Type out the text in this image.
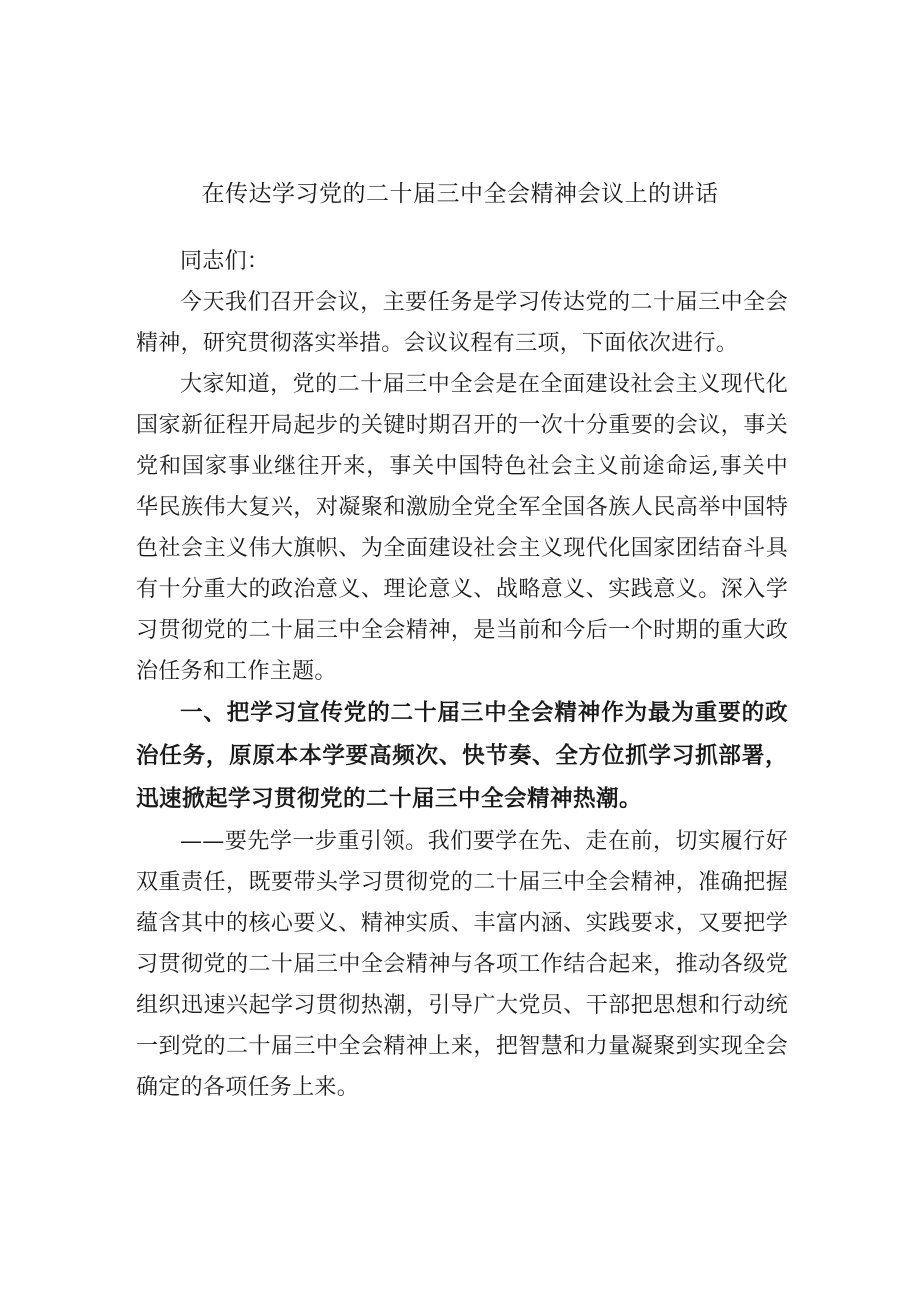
在传达学习党的二十届三中全会精神会议上的讲话

同志们：

今天我们召开会议，主要任务是学习传达党的二十届三中全会精神，研究贯彻落实举措。会议议程有三项，下面依次进行。

大家知道，党的二十届三中全会是在全面建设社会主义现代化国家新征程开局起步的关键时期召开的一次十分重要的会议，事关党和国家事业继往开来，事关中国特色社会主义前途命运,事关中华民族伟大复兴，对凝聚和激励全党全军全国各族人民高举中国特色社会主义伟大旗帜、为全面建设社会主义现代化国家团结奋斗具有十分重大的政治意义、理论意义、战略意义、实践意义。深入学习贯彻党的二十届三中全会精神，是当前和今后一个时期的重大政治任务和工作主题。

一、把学习宣传党的二十届三中全会精神作为最为重要的政治任务，原原本本学要高频次、快节奏、全方位抓学习抓部署，迅速掀起学习贯彻党的二十届三中全会精神热潮。

——要先学一步重引领。我们要学在先、走在前，切实履行好双重责任，既要带头学习贯彻党的二十届三中全会精神，准确把握蕴含其中的核心要义、精神实质、丰富内涵、实践要求，又要把学习贯彻党的二十届三中全会精神与各项工作结合起来，推动各级党组织迅速兴起学习贯彻热潮，引导广大党员、干部把思想和行动统一到党的二十届三中全会精神上来，把智慧和力量凝聚到实现全会确定的各项任务上来。
